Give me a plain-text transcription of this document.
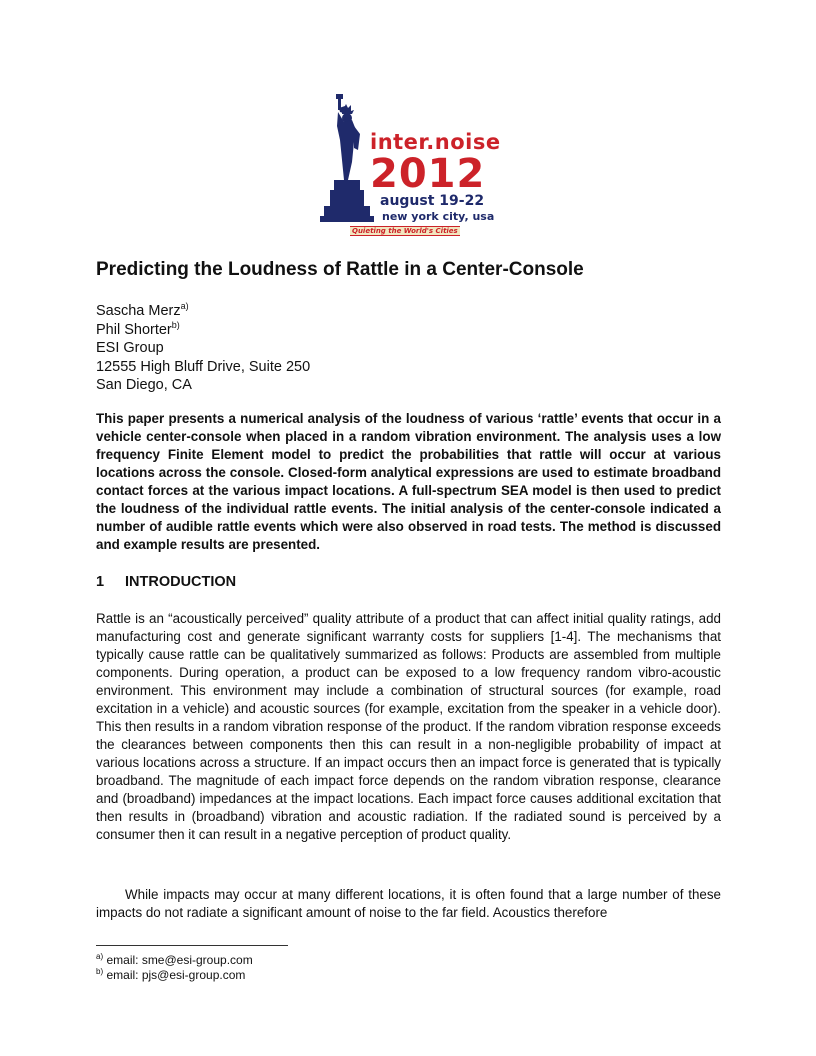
inter.noise
2012
august 19-22
new york city, usa
Quieting the World's Cities
Predicting the Loudness of Rattle in a Center-Console
Sascha Merz$^{a)}$
Phil Shorter$^{b)}$
ESI Group
12555 High Bluff Drive, Suite 250
San Diego, CA

This paper presents a numerical analysis of the loudness of various ‘rattle’ events that occur in a vehicle center-console when placed in a random vibration environment. The analysis uses a low frequency Finite Element model to predict the probabilities that rattle will occur at various locations across the console. Closed-form analytical expressions are used to estimate broadband contact forces at the various impact locations. A full-spectrum SEA model is then used to predict the loudness of the individual rattle events. The initial analysis of the center-console indicated a number of audible rattle events which were also observed in road tests. The method is discussed and example results are presented.

1 INTRODUCTION

Rattle is an “acoustically perceived” quality attribute of a product that can affect initial quality ratings, add manufacturing cost and generate significant warranty costs for suppliers [1-4]. The mechanisms that typically cause rattle can be qualitatively summarized as follows: Products are assembled from multiple components. During operation, a product can be exposed to a low frequency random vibro-acoustic environment. This environment may include a combination of structural sources (for example, road excitation in a vehicle) and acoustic sources (for example, excitation from the speaker in a vehicle door). This then results in a random vibration response of the product. If the random vibration response exceeds the clearances between components then this can result in a non-negligible probability of impact at various locations across a structure. If an impact occurs then an impact force is generated that is typically broadband. The magnitude of each impact force depends on the random vibration response, clearance and (broadband) impedances at the impact locations. Each impact force causes additional excitation that then results in (broadband) vibration and acoustic radiation. If the radiated sound is perceived by a consumer then it can result in a negative perception of product quality.

While impacts may occur at many different locations, it is often found that a large number of these impacts do not radiate a significant amount of noise to the far field. Acoustics therefore

$^{a)}$ email: sme@esi-group.com
$^{b)}$ email: pjs@esi-group.com
